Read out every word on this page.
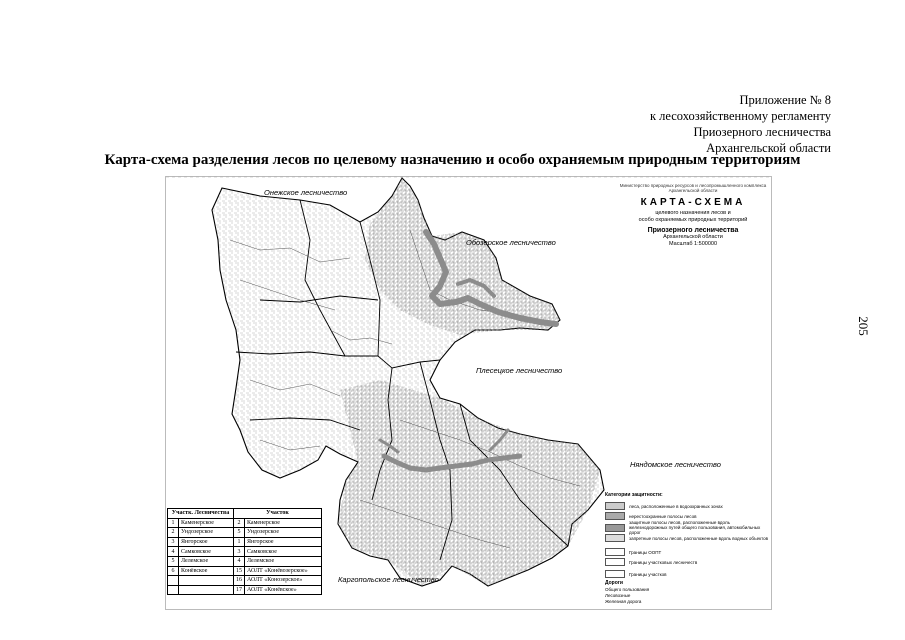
Приложение № 8
к лесохозяйственному регламенту
Приозерного лесничества
Архангельской области
Карта-схема разделения лесов по целевому назначению и особо охраняемым природным территориям
205
Онежское лесничество
Обозерское лесничество
Плесецкое лесничество
Няндомское лесничество
Каргопольское лесничество
Министерство природных ресурсов и лесопромышленного комплекса Архангельской области
КАРТА-СХЕМА
целевого назначения лесов и
особо охраняемых природных территорий
Приозерного лесничества
Архангельской области
Масштаб 1:500000
Категории защитности:
леса, расположенные в водоохранных зонах
нерестоохранные полосы лесов
защитные полосы лесов, расположенные вдоль железнодорожных путей общего пользования, автомобильных дорог
запретные полосы лесов, расположенные вдоль водных объектов
Границы ООПТ
Границы участковых лесничеств
Границы участков
Дороги
Общего пользования
Лесовозные
Железная дорога
Участк. Лесничества		Участок	
1	Каменерское	2	Каменерское
2	Ундозерское	5	Ундозерское
3	Янгорское	1	Янгорское
4	Самковское	3	Самковское
5	Лелемское	4	Лелемское
6	Конёвское	15	АОЛТ «Конёвозерское»
		16	АОЛТ «Конозерское»
		17	АОЛТ «Конёвское»
